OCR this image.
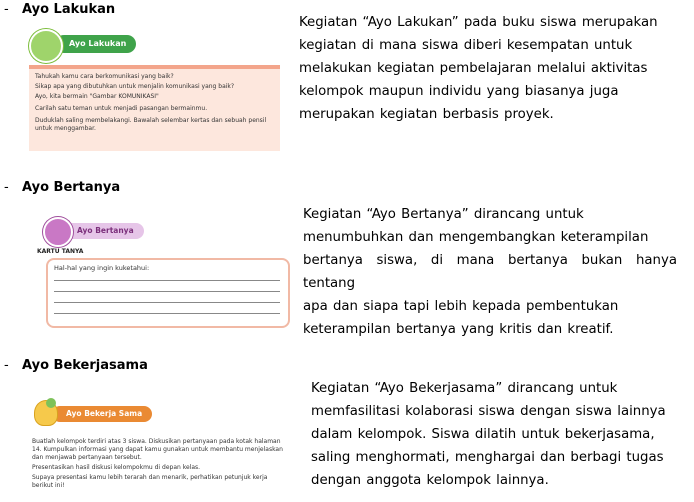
-	Ayo Lakukan
Ayo Lakukan
Tahukah kamu cara berkomunikasi yang baik?
Sikap apa yang dibutuhkan untuk menjalin komunikasi yang baik?
Ayo, kita bermain "Gambar KOMUNIKASI"
Carilah satu teman untuk menjadi pasangan bermainmu.
Duduklah saling membelakangi. Bawalah selembar kertas dan sebuah pensil
untuk menggambar.
Kegiatan “Ayo Lakukan” pada buku siswa merupakan
kegiatan di mana siswa diberi kesempatan untuk
melakukan kegiatan pembelajaran melalui aktivitas
kelompok maupun individu yang biasanya juga
merupakan kegiatan berbasis proyek.
-	Ayo Bertanya
Ayo Bertanya
KARTU TANYA
Hal-hal yang ingin kuketahui:
Kegiatan “Ayo Bertanya” dirancang untuk
menumbuhkan dan mengembangkan keterampilan
bertanya siswa, di mana bertanya bukan hanya tentang
apa dan siapa tapi lebih kepada pembentukan
keterampilan bertanya yang kritis dan kreatif.
-	Ayo Bekerjasama
Ayo Bekerja Sama
Buatlah kelompok terdiri atas 3 siswa. Diskusikan pertanyaan pada kotak halaman
14. Kumpulkan informasi yang dapat kamu gunakan untuk membantu menjelaskan
dan menjawab pertanyaan tersebut.
Presentasikan hasil diskusi kelompokmu di depan kelas.
Supaya presentasi kamu lebih terarah dan menarik, perhatikan petunjuk kerja
berikut ini!
Kegiatan “Ayo Bekerjasama” dirancang untuk
memfasilitasi kolaborasi siswa dengan siswa lainnya
dalam kelompok. Siswa dilatih untuk bekerjasama,
saling menghormati, menghargai dan berbagi tugas
dengan anggota kelompok lainnya.
